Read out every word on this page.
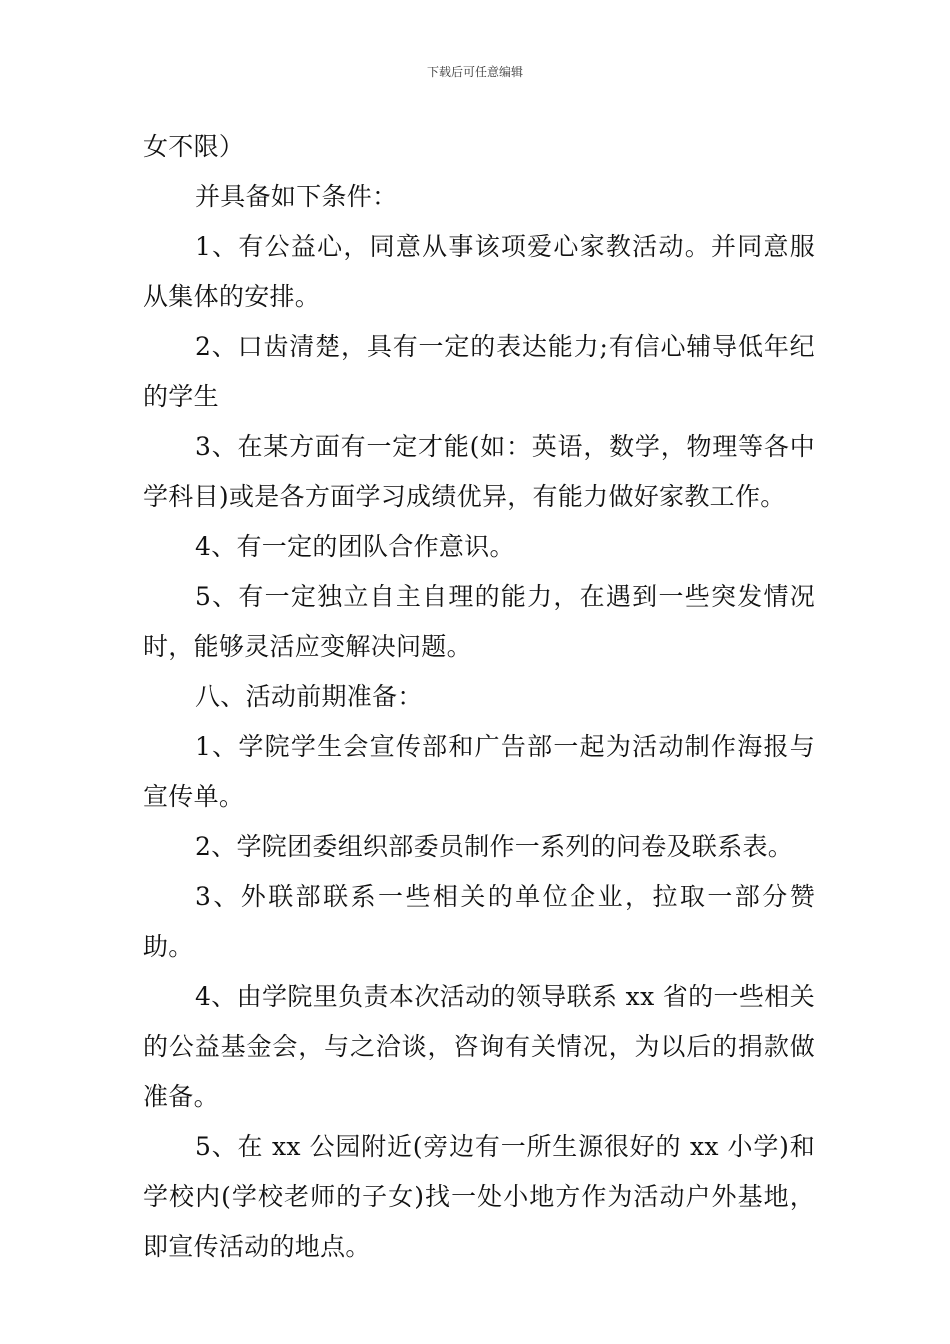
下载后可任意编辑

女不限）

并具备如下条件：

1、有公益心，同意从事该项爱心家教活动。并同意服从集体的安排。

2、口齿清楚，具有一定的表达能力;有信心辅导低年纪的学生

3、在某方面有一定才能(如：英语，数学，物理等各中学科目)或是各方面学习成绩优异，有能力做好家教工作。

4、有一定的团队合作意识。

5、有一定独立自主自理的能力，在遇到一些突发情况时，能够灵活应变解决问题。

八、活动前期准备：

1、学院学生会宣传部和广告部一起为活动制作海报与宣传单。

2、学院团委组织部委员制作一系列的问卷及联系表。

3、外联部联系一些相关的单位企业，拉取一部分赞助。

4、由学院里负责本次活动的领导联系 xx 省的一些相关的公益基金会，与之洽谈，咨询有关情况，为以后的捐款做准备。

5、在 xx 公园附近(旁边有一所生源很好的 xx 小学)和学校内(学校老师的子女)找一处小地方作为活动户外基地，即宣传活动的地点。
